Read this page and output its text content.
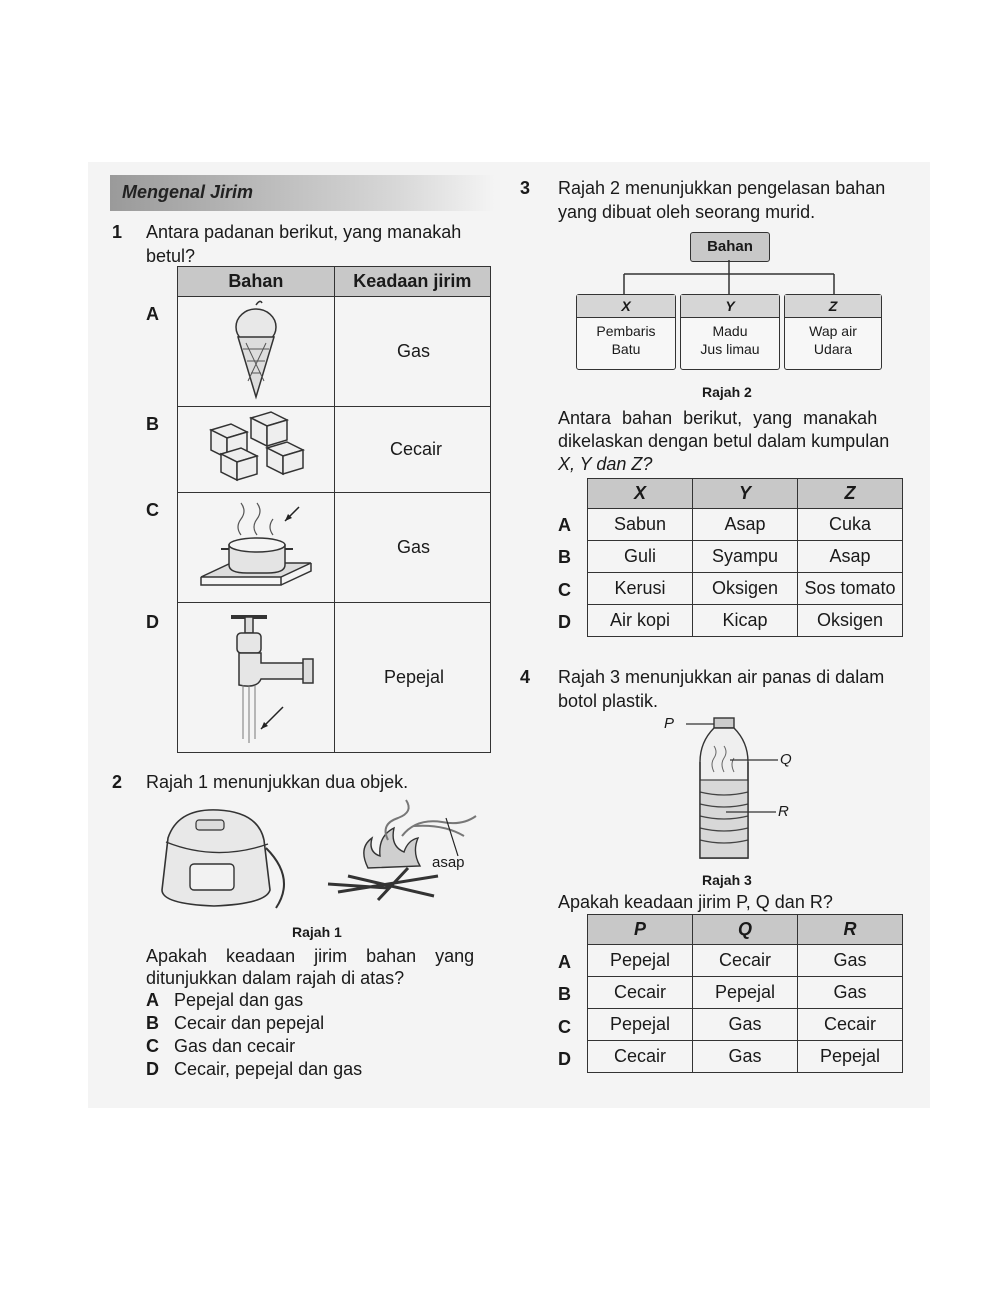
Mengenal Jirim
1 Antara padanan berikut, yang manakah
betul?
Bahan	Keadaan jirim
	Gas
	Cecair
	Gas
	Pepejal
A
B
C
D
2 Rajah 1 menunjukkan dua objek.
asap
Rajah 1
Apakah keadaan jirim bahan yang
ditunjukkan dalam rajah di atas?
A Pepejal dan gas
B Cecair dan pepejal
C Gas dan cecair
D Cecair, pepejal dan gas
3 Rajah 2 menunjukkan pengelasan bahan
yang dibuat oleh seorang murid.
Bahan
X
Pembaris
Batu
Y
Madu
Jus limau
Z
Wap air
Udara
Rajah 2
Antara bahan berikut, yang manakah
dikelaskan dengan betul dalam kumpulan
X, Y dan Z?
X	Y	Z
Sabun	Asap	Cuka
Guli	Syampu	Asap
Kerusi	Oksigen	Sos tomato
Air kopi	Kicap	Oksigen
A
B
C
D
4 Rajah 3 menunjukkan air panas di dalam
botol plastik.
P
Q
R
Rajah 3
Apakah keadaan jirim P, Q dan R?
P	Q	R
Pepejal	Cecair	Gas
Cecair	Pepejal	Gas
Pepejal	Gas	Cecair
Cecair	Gas	Pepejal
A
B
C
D
